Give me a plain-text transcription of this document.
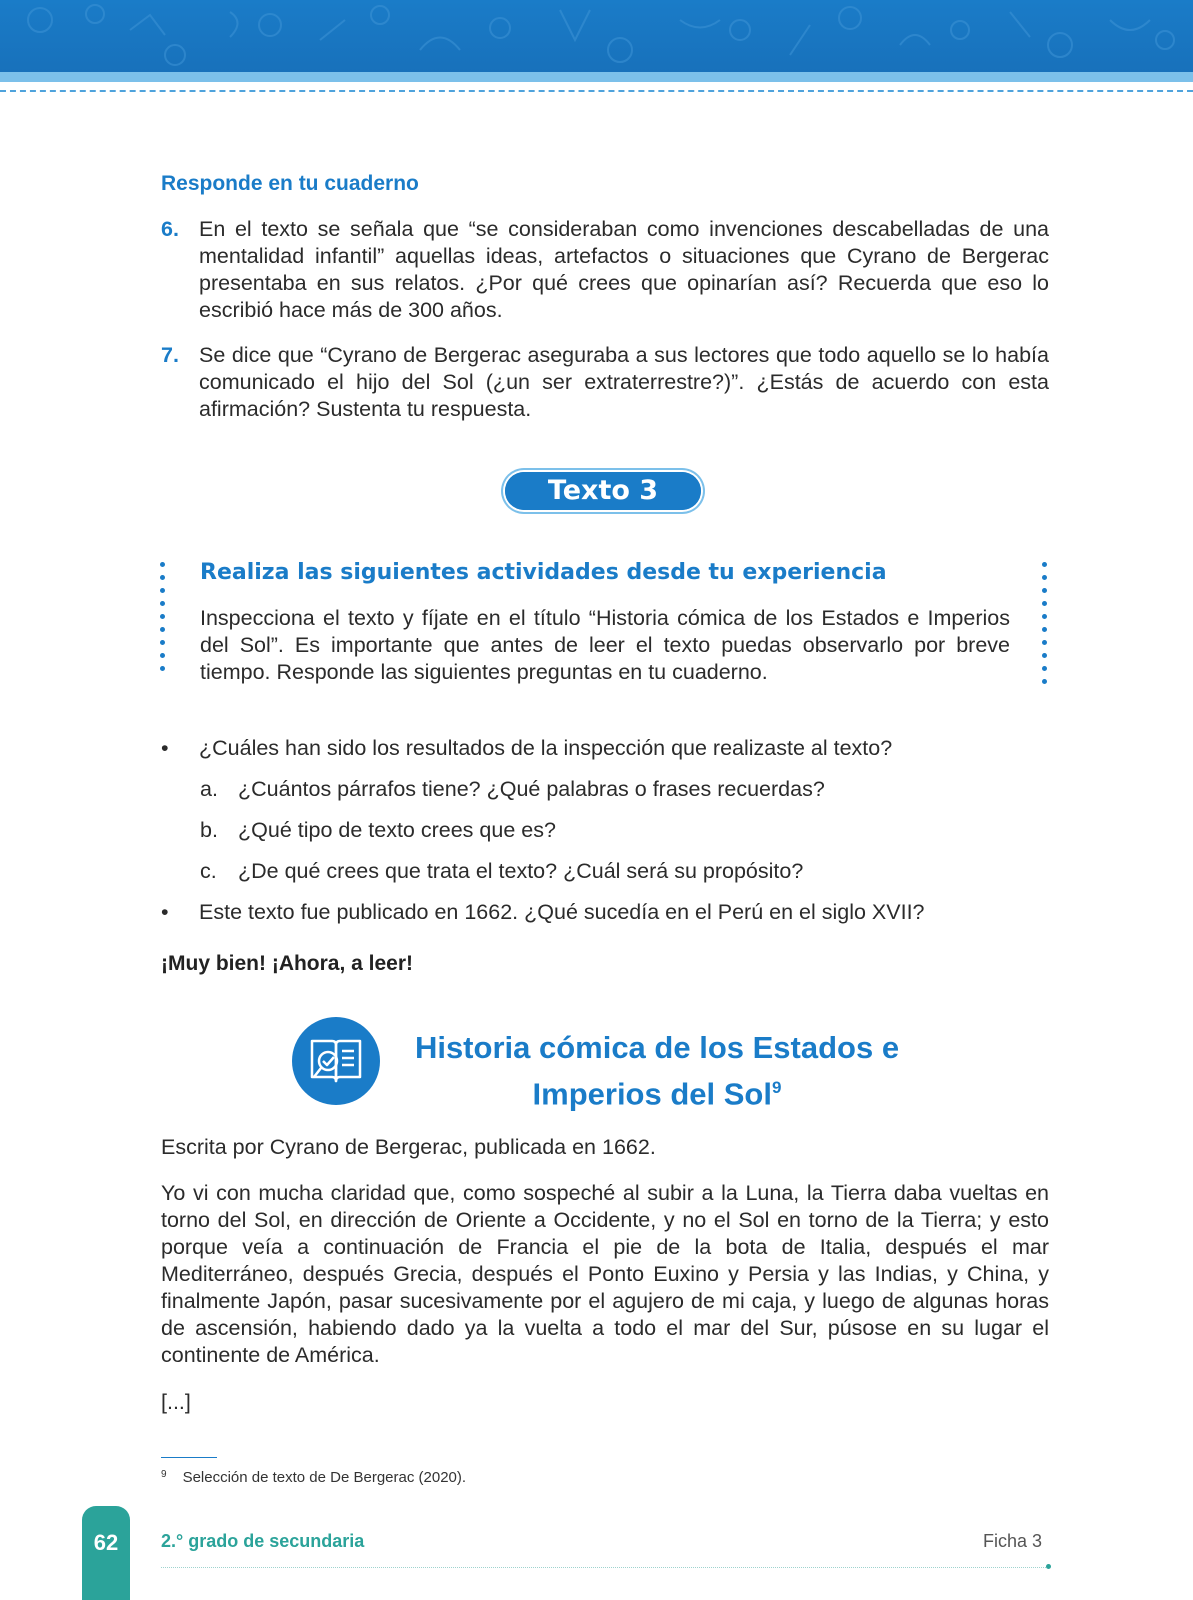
Responde en tu cuaderno
6. En el texto se señala que “se consideraban como invenciones descabelladas de una mentalidad infantil” aquellas ideas, artefactos o situaciones que Cyrano de Bergerac presentaba en sus relatos. ¿Por qué crees que opinarían así? Recuerda que eso lo escribió hace más de 300 años.
7. Se dice que “Cyrano de Bergerac aseguraba a sus lectores que todo aquello se lo había comunicado el hijo del Sol (¿un ser extraterrestre?)”. ¿Estás de acuerdo con esta afirmación? Sustenta tu respuesta.
Texto 3
Realiza las siguientes actividades desde tu experiencia
Inspecciona el texto y fíjate en el título “Historia cómica de los Estados e Imperios del Sol”. Es importante que antes de leer el texto puedas observarlo por breve tiempo. Responde las siguientes preguntas en tu cuaderno.
• ¿Cuáles han sido los resultados de la inspección que realizaste al texto?
a. ¿Cuántos párrafos tiene? ¿Qué palabras o frases recuerdas?
b. ¿Qué tipo de texto crees que es?
c. ¿De qué crees que trata el texto? ¿Cuál será su propósito?
• Este texto fue publicado en 1662. ¿Qué sucedía en el Perú en el siglo XVII?
¡Muy bien! ¡Ahora, a leer!
Historia cómica de los Estados e
Imperios del Sol$^9$
Escrita por Cyrano de Bergerac, publicada en 1662.
Yo vi con mucha claridad que, como sospeché al subir a la Luna, la Tierra daba vueltas en torno del Sol, en dirección de Oriente a Occidente, y no el Sol en torno de la Tierra; y esto porque veía a continuación de Francia el pie de la bota de Italia, después el mar Mediterráneo, después Grecia, después el Ponto Euxino y Persia y las Indias, y China, y finalmente Japón, pasar sucesivamente por el agujero de mi caja, y luego de algunas horas de ascensión, habiendo dado ya la vuelta a todo el mar del Sur, púsose en su lugar el continente de América.
[...]
$^9$ Selección de texto de De Bergerac (2020).
62	2.° grado de secundaria	Ficha 3
